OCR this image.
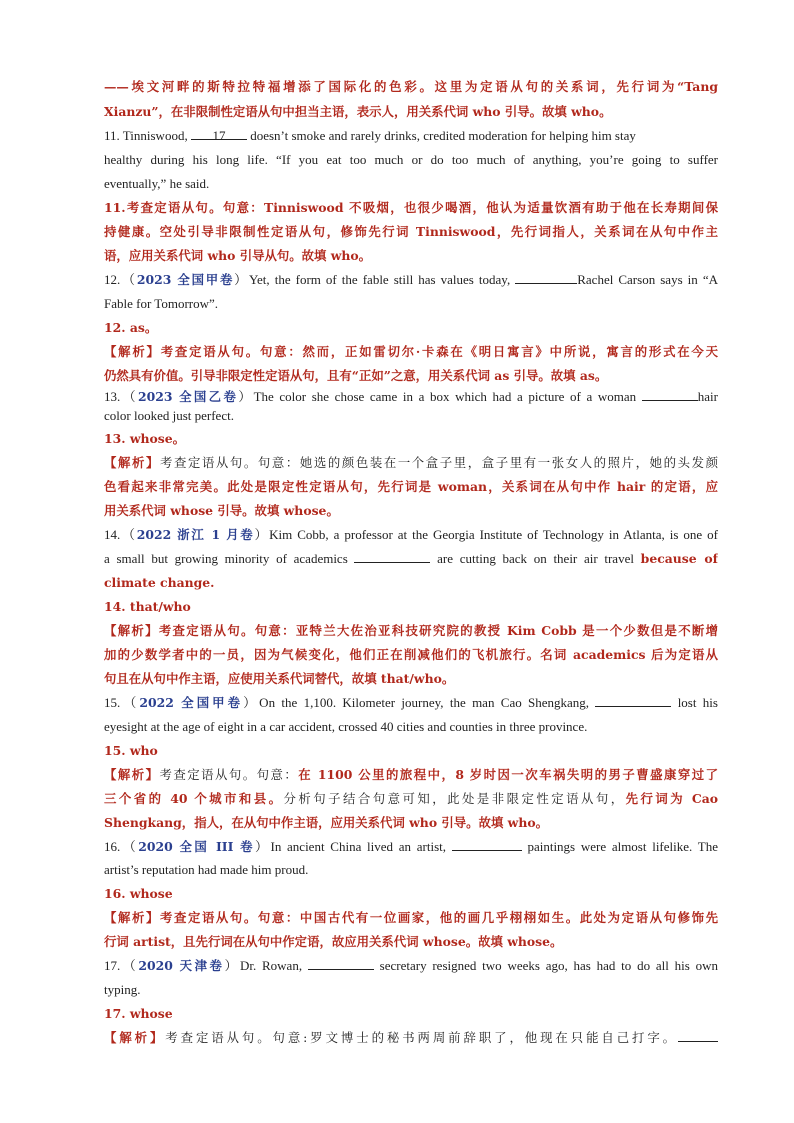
——埃文河畔的斯特拉特福增添了国际化的色彩。这里为定语从句的关系词，先行词为“Tang
Xianzu”，在非限制性定语从句中担当主语，表示人，用关系代词 who 引导。故填 who。
11. Tinniswood, 17 doesn’t smoke and rarely drinks, credited moderation for helping him stay
healthy during his long life. “If you eat too much or do too much of anything, you’re going to suffer
eventually,” he said.
11.考查定语从句。句意：Tinniswood 不吸烟，也很少喝酒，他认为适量饮酒有助于他在长寿期间保
持健康。空处引导非限制性定语从句，修饰先行词 Tinniswood，先行词指人，关系词在从句中作主
语，应用关系代词 who 引导从句。故填 who。
12.（2023 全国甲卷）Yet, the form of the fable still has values today,	Rachel Carson says in “A
Fable for Tomorrow”.
12. as。
【解析】考查定语从句。句意：然而，正如雷切尔·卡森在《明日寓言》中所说，寓言的形式在今天
仍然具有价值。引导非限定性定语从句，且有“正如”之意，用关系代词 as 引导。故填 as。
13.（2023 全国乙卷）The color she chose came in a box which had a picture of a woman	hair
color looked just perfect.
13. whose。
【解析】考查定语从句。句意：她选的颜色装在一个盒子里，盒子里有一张女人的照片，她的头发颜
色看起来非常完美。此处是限定性定语从句，先行词是 woman，关系词在从句中作 hair 的定语，应
用关系代词 whose 引导。故填 whose。
14.（2022 浙江 1 月卷）Kim Cobb, a professor at the Georgia Institute of Technology in Atlanta, is one of
a small but growing minority of academics	are cutting back on their air travel because of
climate change.
14. that/who
【解析】考查定语从句。句意：亚特兰大佐治亚科技研究院的教授 Kim Cobb 是一个少数但是不断增
加的少数学者中的一员，因为气候变化，他们正在削减他们的飞机旅行。名词 academics 后为定语从
句且在从句中作主语，应使用关系代词替代，故填 that/who。
15.（2022 全国甲卷）On the 1,100. Kilometer journey, the man Cao Shengkang,	lost his
eyesight at the age of eight in a car accident, crossed 40 cities and counties in three province.
15. who
【解析】考查定语从句。句意：在 1100 公里的旅程中，8 岁时因一次车祸失明的男子曹盛康穿过了
三个省的 40 个城市和县。分析句子结合句意可知，此处是非限定性定语从句，先行词为 Cao
Shengkang，指人，在从句中作主语，应用关系代词 who 引导。故填 who。
16.（2020 全国 III 卷）In ancient China lived an artist,	paintings were almost lifelike. The
artist’s reputation had made him proud.
16. whose
【解析】考查定语从句。句意：中国古代有一位画家，他的画几乎栩栩如生。此处为定语从句修饰先
行词 artist，且先行词在从句中作定语，故应用关系代词 whose。故填 whose。
17.（2020 天津卷）Dr. Rowan,	secretary resigned two weeks ago, has had to do all his own
typing.
17. whose
【解析】考查定语从句。句意:罗文博士的秘书两周前辞职了，他现在只能自己打字。
